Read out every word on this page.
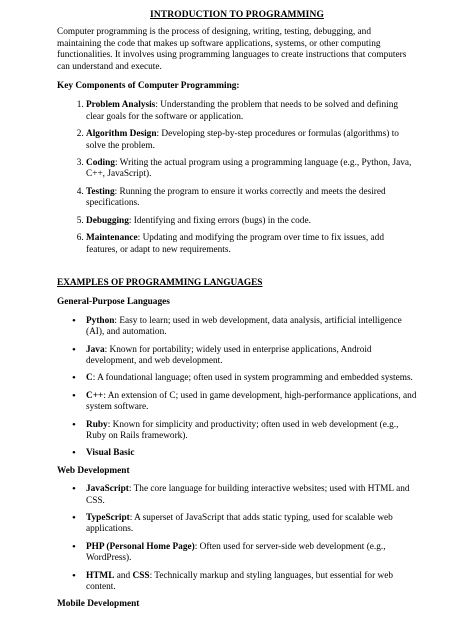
INTRODUCTION TO PROGRAMMING

Computer programming is the process of designing, writing, testing, debugging, and maintaining the code that makes up software applications, systems, or other computing functionalities. It involves using programming languages to create instructions that computers can understand and execute.

Key Components of Computer Programming:
1. Problem Analysis: Understanding the problem that needs to be solved and defining clear goals for the software or application.
2. Algorithm Design: Developing step-by-step procedures or formulas (algorithms) to solve the problem.
3. Coding: Writing the actual program using a programming language (e.g., Python, Java, C++, JavaScript).
4. Testing: Running the program to ensure it works correctly and meets the desired specifications.
5. Debugging: Identifying and fixing errors (bugs) in the code.
6. Maintenance: Updating and modifying the program over time to fix issues, add features, or adapt to new requirements.
EXAMPLES OF PROGRAMMING LANGUAGES
General-Purpose Languages
• Python: Easy to learn; used in web development, data analysis, artificial intelligence (AI), and automation.
• Java: Known for portability; widely used in enterprise applications, Android development, and web development.
• C: A foundational language; often used in system programming and embedded systems.
• C++: An extension of C; used in game development, high-performance applications, and system software.
• Ruby: Known for simplicity and productivity; often used in web development (e.g., Ruby on Rails framework).
• Visual Basic
Web Development
• JavaScript: The core language for building interactive websites; used with HTML and CSS.
• TypeScript: A superset of JavaScript that adds static typing, used for scalable web applications.
• PHP (Personal Home Page): Often used for server-side web development (e.g., WordPress).
• HTML and CSS: Technically markup and styling languages, but essential for web content.
Mobile Development
